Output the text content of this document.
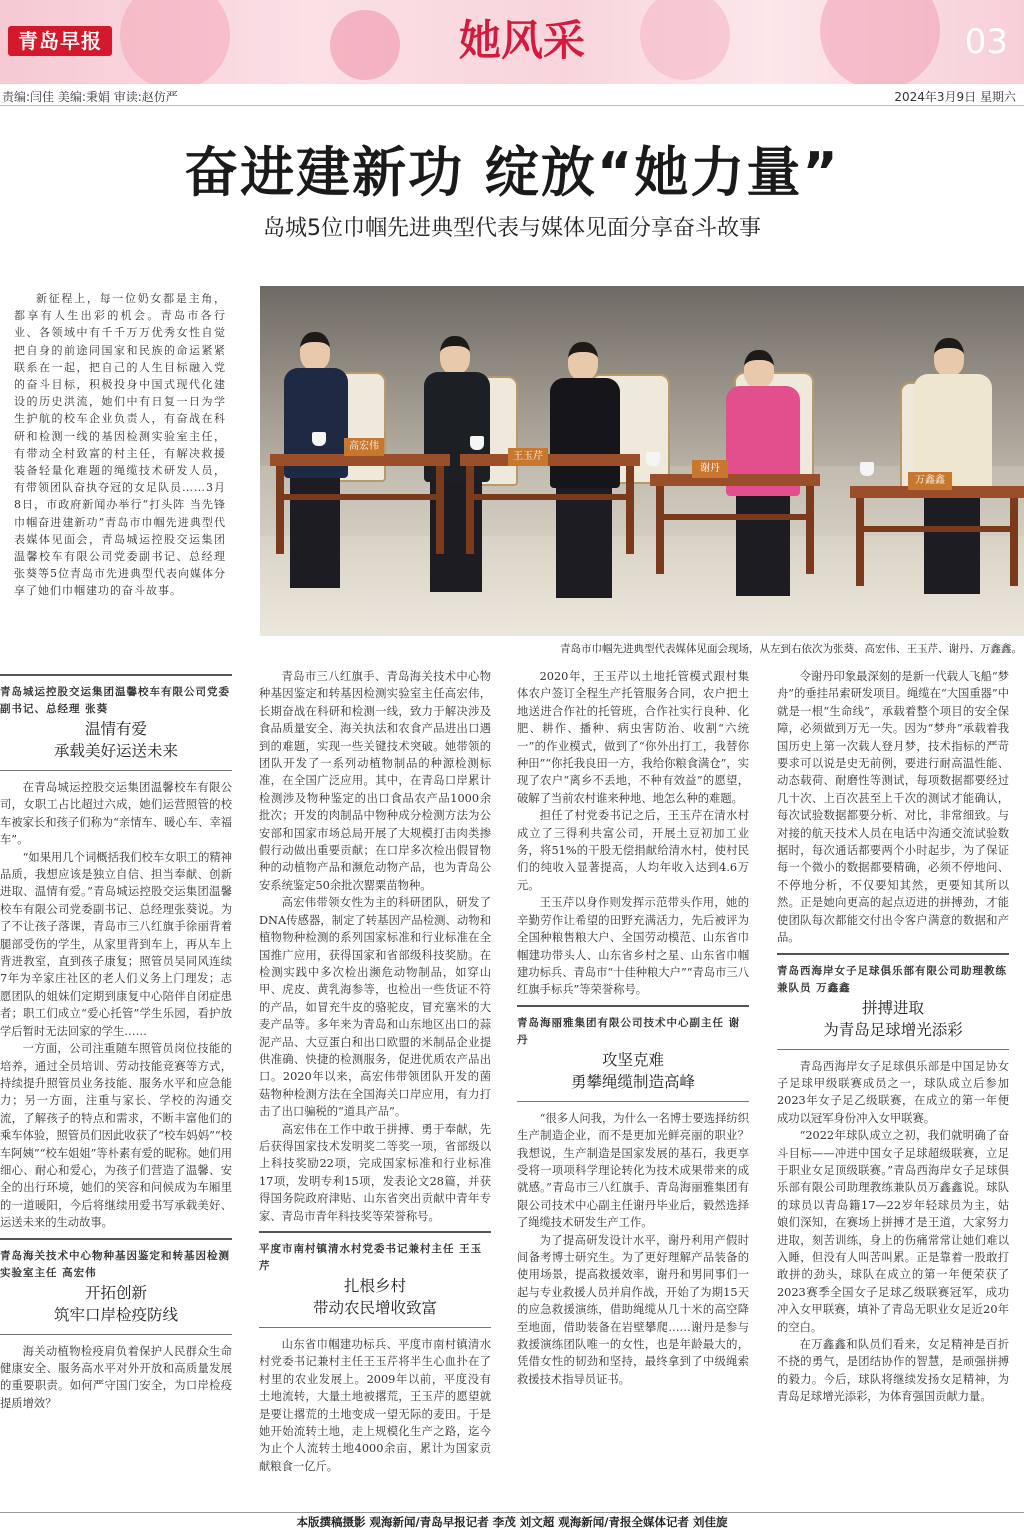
青岛早报	她风采	03
责编:闫佳 美编:秉娟 审读:赵仿严	2024年3月9日 星期六
奋进建新功 绽放“她力量”
岛城5位巾帼先进典型代表与媒体见面分享奋斗故事
新征程上，每一位奶女都是主角，都享有人生出彩的机会。青岛市各行业、各领域中有千千万万优秀女性自觉把自身的前途同国家和民族的命运紧紧联系在一起，把自己的人生目标融入党的奋斗目标，积极投身中国式现代化建设的历史洪流，她们中有日复一日为学生护航的校车企业负责人，有奋战在科研和检测一线的基因检测实验室主任，有带动全村致富的村主任，有解决救援装备轻量化难题的绳缆技术研发人员，有带领团队奋执夺冠的女足队员……3月8日，市政府新闻办举行“打头阵 当先锋 巾帼奋进建新功”青岛市巾帼先进典型代表媒体见面会，青岛城运控股交运集团温馨校车有限公司党委副书记、总经理张葵等5位青岛市先进典型代表向媒体分享了她们巾帼建功的奋斗故事。
高宏伟
王玉芹
谢丹
万鑫鑫
青岛市巾帼先进典型代表媒体见面会现场，从左到右依次为张葵、高宏伟、王玉芹、谢丹、万鑫鑫。
青岛城运控股交运集团温馨校车有限公司党委副书记、总经理 张葵
温情有爱
承载美好运送未来

在青岛城运控股交运集团温馨校车有限公司，女职工占比超过六成，她们运营照管的校车被家长和孩子们称为“亲情车、暖心车、幸福车”。

“如果用几个词概括我们校车女职工的精神品质，我想应该是独立自信、担当奉献、创新进取、温情有爱。”青岛城运控股交运集团温馨校车有限公司党委副书记、总经理张葵说。为了不让孩子落课，青岛市三八红旗手徐丽背着腿部受伤的学生，从家里背到车上，再从车上背进教室，直到孩子康复；照管员吴同风连续7年为辛家庄社区的老人们义务上门理发；志愿团队的姐妹们定期到康复中心陪伴自闭症患者；职工们成立“爱心托管”学生乐园，看护放学后暂时无法回家的学生……

一方面，公司注重随车照管员岗位技能的培养，通过全员培训、劳动技能竞赛等方式，持续提升照管员业务技能、服务水平和应急能力；另一方面，注重与家长、学校的沟通交流，了解孩子的特点和需求，不断丰富他们的乘车体验，照管员们因此收获了“校车妈妈”“校车阿姨”“校车姐姐”等朴素有爱的昵称。她们用细心、耐心和爱心，为孩子们营造了温馨、安全的出行环境，她们的笑容和问候成为车厢里的一道暖阳，今后将继续用爱书写承载美好、运送未来的生动故事。

青岛海关技术中心物种基因鉴定和转基因检测实验室主任 高宏伟
开拓创新
筑牢口岸检疫防线

海关动植物检疫肩负着保护人民群众生命健康安全、服务高水平对外开放和高质量发展的重要职责。如何严守国门安全，为口岸检疫提质增效？

青岛市三八红旗手、青岛海关技术中心物种基因鉴定和转基因检测实验室主任高宏伟，长期奋战在科研和检测一线，致力于解决涉及食品质量安全、海关执法和农食产品进出口遇到的难题，实现一些关键技术突破。她带领的团队开发了一系列动植物制品的种源检测标准，在全国广泛应用。其中，在青岛口岸累计检测涉及物种鉴定的出口食品农产品1000余批次；开发的肉制品中物种成分检测方法为公安部和国家市场总局开展了大规模打击肉类掺假行动做出重要贡献；在口岸多次检出假冒物种的动植物产品和濒危动物产品，也为青岛公安系统鉴定50余批次罂粟苗物种。

高宏伟带领女性为主的科研团队，研发了DNA传感器，制定了转基因产品检测、动物和植物物种检测的系列国家标准和行业标准在全国推广应用，获得国家和省部级科技奖励。在检测实践中多次检出濒危动物制品，如穿山甲、虎皮、黄乳海参等，也检出一些货证不符的产品，如冒充牛皮的骆驼皮，冒充塞米的大麦产品等。多年来为青岛和山东地区出口的蒜泥产品、大豆蛋白和出口欧盟的米制品企业提供准确、快捷的检测服务，促进优质农产品出口。2020年以来，高宏伟带领团队开发的菌菇物种检测方法在全国海关口岸应用，有力打击了出口骗税的“道具产品”。

高宏伟在工作中敢于拼搏、勇于奉献，先后获得国家技术发明奖二等奖一项，省部级以上科技奖励22项，完成国家标准和行业标准17项，发明专利15项，发表论文28篇，并获得国务院政府津贴、山东省突出贡献中青年专家、青岛市青年科技奖等荣誉称号。

平度市南村镇清水村党委书记兼村主任 王玉芹
扎根乡村
带动农民增收致富

山东省巾帼建功标兵、平度市南村镇清水村党委书记兼村主任王玉芹将半生心血扑在了村里的农业发展上。2009年以前，平度没有土地流转，大量土地被撂荒，王玉芹的愿望就是要让撂荒的土地变成一望无际的麦田。于是她开始流转土地，走上规模化生产之路，迄今为止个人流转土地4000余亩，累计为国家贡献粮食一亿斤。

2020年，王玉芹以土地托管模式跟村集体农户签订全程生产托管服务合同，农户把土地送进合作社的托管班，合作社实行良种、化肥、耕作、播种、病虫害防治、收割“六统一”的作业模式，做到了“你外出打工，我替你种田”“你托我良田一方，我给你粮食满仓”，实现了农户“离乡不丢地，不种有效益”的愿望，破解了当前农村谁来种地、地怎么种的难题。

担任了村党委书记之后，王玉芹在清水村成立了三得利共富公司，开展土豆初加工业务，将51%的干股无偿捐献给清水村，使村民们的纯收入显著提高，人均年收入达到4.6万元。

王玉芹以身作则发挥示范带头作用，她的辛勤劳作让希望的田野充满活力，先后被评为全国种粮售粮大户、全国劳动模范、山东省巾帼建功带头人、山东省乡村之星、山东省巾帼建功标兵、青岛市“十佳种粮大户”“青岛市三八红旗手标兵”等荣誉称号。

青岛海丽雅集团有限公司技术中心副主任 谢丹
攻坚克难
勇攀绳缆制造高峰

“很多人问我，为什么一名博士要选择纺织生产制造企业，而不是更加光鲜亮丽的职业？我想说，生产制造是国家发展的基石，我更享受将一项项科学理论转化为技术成果带来的成就感。”青岛市三八红旗手、青岛海丽雅集团有限公司技术中心副主任谢丹毕业后，毅然选择了绳缆技术研发生产工作。

为了提高研发设计水平，谢丹利用产假时间备考博士研究生。为了更好理解产品装备的使用场景，提高救援效率，谢丹和男同事们一起与专业救援人员并肩作战，开始了为期15天的应急救援演练，借助绳缆从几十米的高空降至地面，借助装备在岩壁攀爬……谢丹是参与救援演练团队唯一的女性，也是年龄最大的，凭借女性的韧劲和坚持，最终拿到了中级绳索救援技术指导员证书。

令谢丹印象最深刻的是新一代载人飞船“梦舟”的垂挂吊索研发项目。绳缆在“大国重器”中就是一根“生命线”，承载着整个项目的安全保障，必须做到万无一失。因为“梦舟”承载着我国历史上第一次载人登月梦，技术指标的严苛要求可以说是史无前例，要进行耐高温性能、动态载荷、耐磨性等测试，每项数据都要经过几十次、上百次甚至上千次的测试才能确认，每次试验数据都要分析、对比，非常细致。与对接的航天技术人员在电话中沟通交流试验数据时，每次通话都要两个小时起步，为了保证每一个微小的数据都要精确，必须不停地问、不停地分析，不仅要知其然，更要知其所以然。正是她向更高的起点迈进的拼搏劲，才能使团队每次都能交付出令客户满意的数据和产品。

青岛西海岸女子足球俱乐部有限公司助理教练兼队员 万鑫鑫
拼搏进取
为青岛足球增光添彩

青岛西海岸女子足球俱乐部是中国足协女子足球甲级联赛成员之一，球队成立后参加2023年女子足乙级联赛，在成立的第一年便成功以冠军身份冲入女甲联赛。

“2022年球队成立之初，我们就明确了奋斗目标——冲进中国女子足球超级联赛，立足于职业女足顶级联赛。”青岛西海岸女子足球俱乐部有限公司助理教练兼队员万鑫鑫说。球队的球员以青岛籍17—22岁年轻球员为主，姑娘们深知，在赛场上拼搏才是王道，大家努力进取，刻苦训练，身上的伤痛常常让她们难以入睡，但没有人叫苦叫累。正是靠着一股敢打敢拼的劲头，球队在成立的第一年便荣获了2023赛季全国女子足球乙级联赛冠军，成功冲入女甲联赛，填补了青岛无职业女足近20年的空白。

在万鑫鑫和队员们看来，女足精神是百折不挠的勇气，是团结协作的智慧，是顽强拼搏的毅力。今后，球队将继续发扬女足精神，为青岛足球增光添彩，为体育强国贡献力量。

本版撰稿摄影 观海新闻/青岛早报记者 李茂 刘文超 观海新闻/青报全媒体记者 刘佳旋
